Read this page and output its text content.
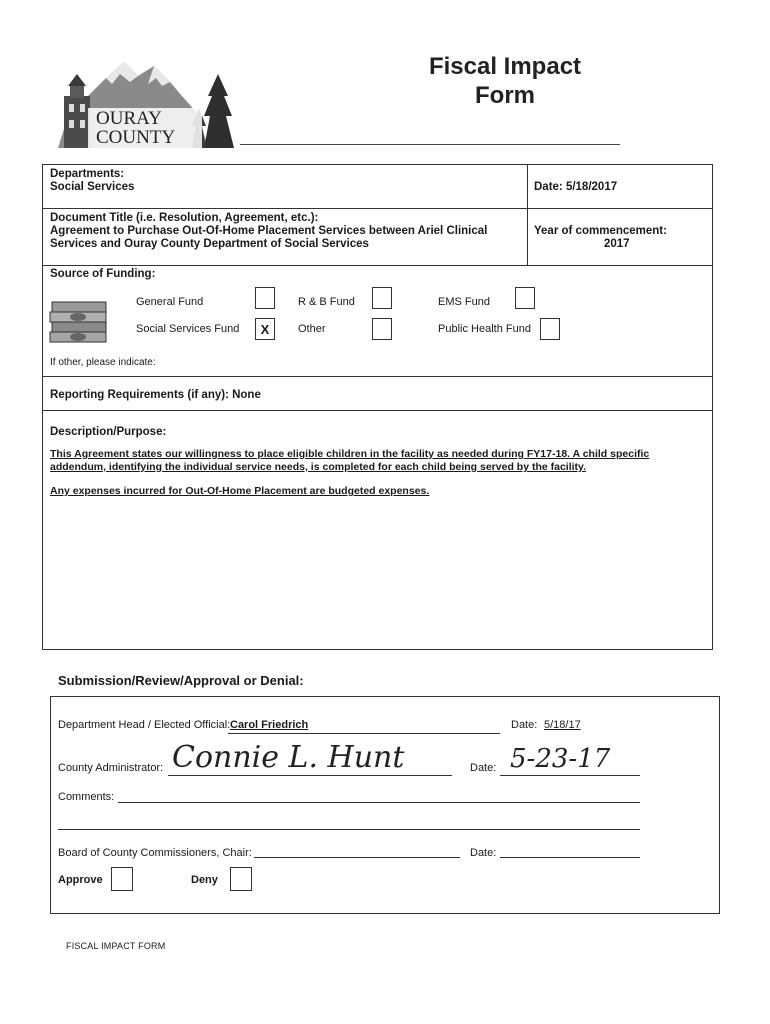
OURAY
COUNTY
Fiscal Impact
Form
Departments:
Social Services	Date: 5/18/2017
Document Title (i.e. Resolution, Agreement, etc.):
Agreement to Purchase Out-Of-Home Placement Services between Ariel Clinical
Services and Ouray County Department of Social Services
Year of commencement:
2017
Source of Funding:
General Fund	R & B Fund	EMS Fund
Social Services Fund	X	Other	Public Health Fund
If other, please indicate:
Reporting Requirements (if any): None
Description/Purpose:
This Agreement states our willingness to place eligible children in the facility as needed during FY17-18. A child specific
addendum, identifying the individual service needs, is completed for each child being served by the facility.
Any expenses incurred for Out-Of-Home Placement are budgeted expenses.
Submission/Review/Approval or Denial:
Department Head / Elected Official: Carol Friedrich	Date: 5/18/17
County Administrator: Connie L. Hunt	Date: 5-23-17
Comments:
Board of County Commissioners, Chair:	Date:
Approve	Deny
FISCAL IMPACT FORM
